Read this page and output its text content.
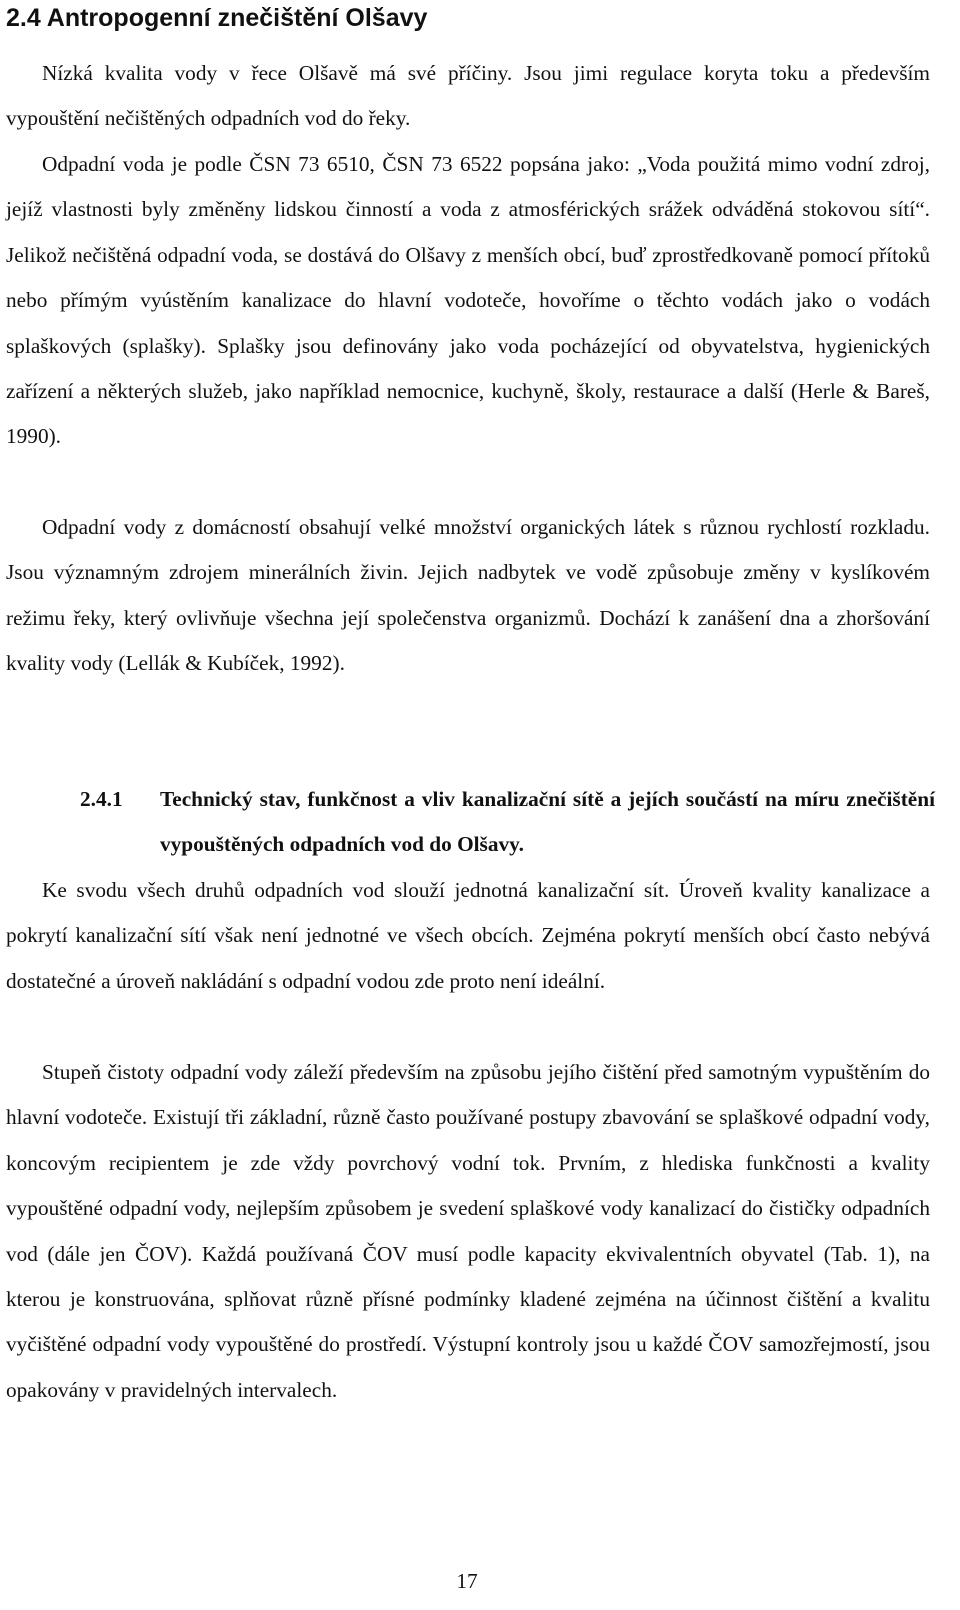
2.4 Antropogenní znečištění Olšavy

Nízká kvalita vody v řece Olšavě má své příčiny. Jsou jimi regulace koryta toku a především vypouštění nečištěných odpadních vod do řeky.

Odpadní voda je podle ČSN 73 6510, ČSN 73 6522 popsána jako: „Voda použitá mimo vodní zdroj, jejíž vlastnosti byly změněny lidskou činností a voda z atmosférických srážek odváděná stokovou sítí“. Jelikož nečištěná odpadní voda, se dostává do Olšavy z menších obcí, buď zprostředkovaně pomocí přítoků nebo přímým vyústěním kanalizace do hlavní vodoteče, hovoříme o těchto vodách jako o vodách splaškových (splašky). Splašky jsou definovány jako voda pocházející od obyvatelstva, hygienických zařízení a některých služeb, jako například nemocnice, kuchyně, školy, restaurace a další (Herle & Bareš, 1990).

Odpadní vody z domácností obsahují velké množství organických látek s různou rychlostí rozkladu. Jsou významným zdrojem minerálních živin. Jejich nadbytek ve vodě způsobuje změny v kyslíkovém režimu řeky, který ovlivňuje všechna její společenstva organizmů. Dochází k zanášení dna a zhoršování kvality vody (Lellák & Kubíček, 1992).

2.4.1 Technický stav, funkčnost a vliv kanalizační sítě a jejích součástí na míru znečištění vypouštěných odpadních vod do Olšavy.

Ke svodu všech druhů odpadních vod slouží jednotná kanalizační sít. Úroveň kvality kanalizace a pokrytí kanalizační sítí však není jednotné ve všech obcích. Zejména pokrytí menších obcí často nebývá dostatečné a úroveň nakládání s odpadní vodou zde proto není ideální.

Stupeň čistoty odpadní vody záleží především na způsobu jejího čištění před samotným vypuštěním do hlavní vodoteče. Existují tři základní, různě často používané postupy zbavování se splaškové odpadní vody, koncovým recipientem je zde vždy povrchový vodní tok. Prvním, z hlediska funkčnosti a kvality vypouštěné odpadní vody, nejlepším způsobem je svedení splaškové vody kanalizací do čističky odpadních vod (dále jen ČOV). Každá používaná ČOV musí podle kapacity ekvivalentních obyvatel (Tab. 1), na kterou je konstruována, splňovat různě přísné podmínky kladené zejména na účinnost čištění a kvalitu vyčištěné odpadní vody vypouštěné do prostředí. Výstupní kontroly jsou u každé ČOV samozřejmostí, jsou opakovány v pravidelných intervalech.

17
